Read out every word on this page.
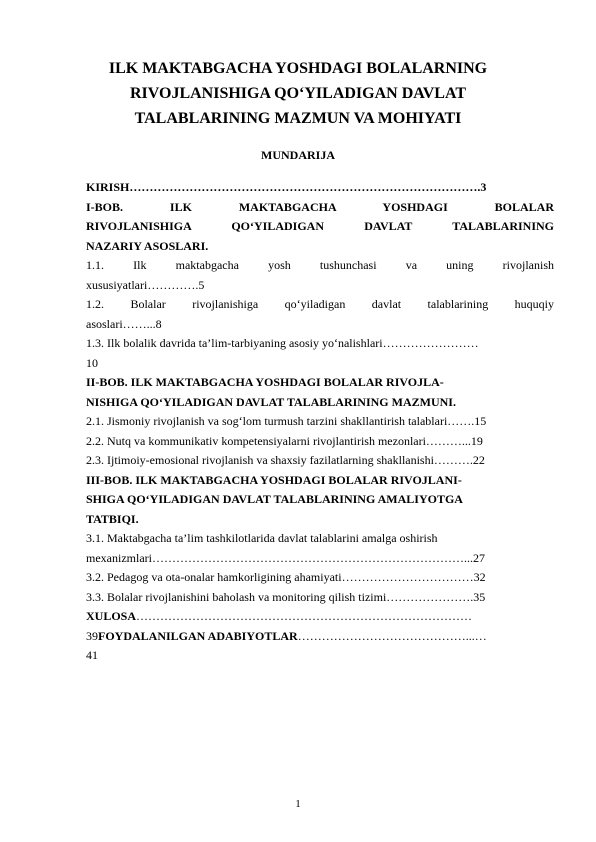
ILK MAKTABGACHA YOSHDAGI BOLALARNING
RIVOJLANISHIGA QO‘YILADIGAN DAVLAT
TALABLARINING MAZMUN VA MOHIYATI
MUNDARIJA
KIRISH…………………………………………………………………………….3
I-BOB. ILK MAKTABGACHA YOSHDAGI BOLALAR
RIVOJLANISHIGA QO‘YILADIGAN DAVLAT TALABLARINING
NAZARIY ASOSLARI.
1.1. Ilk maktabgacha yosh tushunchasi va uning rivojlanish
xususiyatlari………….5
1.2. Bolalar rivojlanishiga qo‘yiladigan davlat talablarining huquqiy
asoslari……...8
1.3. Ilk bolalik davrida ta’lim-tarbiyaning asosiy yo‘nalishlari……………………
10
II-BOB. ILK MAKTABGACHA YOSHDAGI BOLALAR RIVOJLA-
NISHIGA QO‘YILADIGAN DAVLAT TALABLARINING MAZMUNI.
2.1. Jismoniy rivojlanish va sog‘lom turmush tarzini shakllantirish talablari…….15
2.2. Nutq va kommunikativ kompetensiyalarni rivojlantirish mezonlari………...19
2.3. Ijtimoiy-emosional rivojlanish va shaxsiy fazilatlarning shakllanishi……….22
III-BOB. ILK MAKTABGACHA YOSHDAGI BOLALAR RIVOJLANI-
SHIGA QO‘YILADIGAN DAVLAT TALABLARINING AMALIYOTGA
TATBIQI.
3.1. Maktabgacha ta’lim tashkilotlarida davlat talablarini amalga oshirish
mexanizmlari……………………………………………………………………...27
3.2. Pedagog va ota-onalar hamkorligining ahamiyati……………………………32
3.3. Bolalar rivojlanishini baholash va monitoring qilish tizimi………………….35
XULOSA…………………………………………………………………………
39FOYDALANILGAN ADABIYOTLAR……………………………………...…
41
1
